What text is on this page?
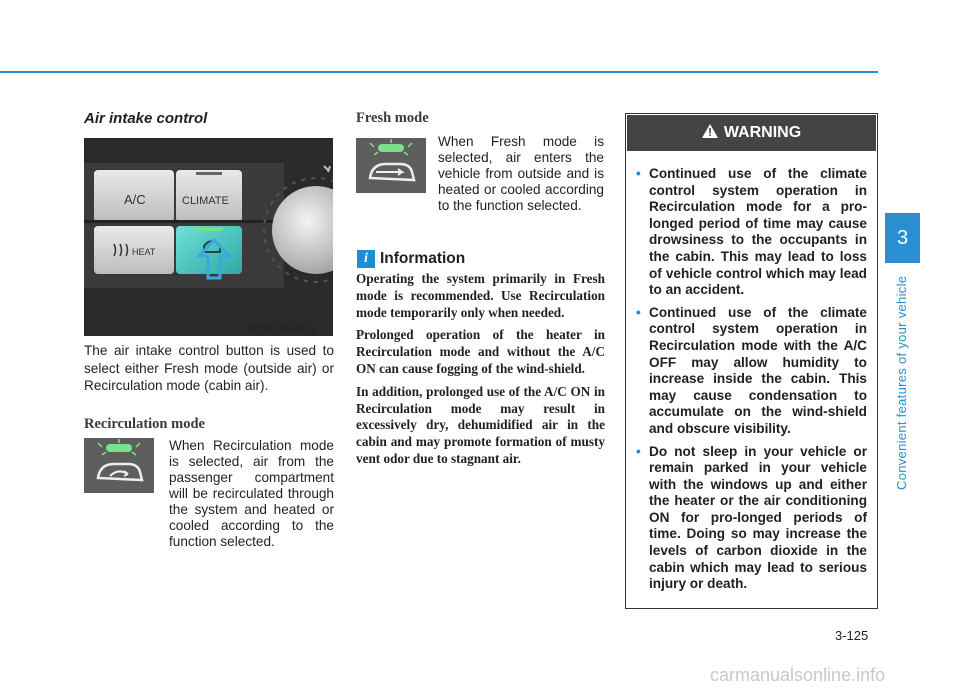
Air intake control
A/C	CLIMATE
HEAT
OOSEV048315
The air intake control button is used to select either Fresh mode (outside air) or Recirculation mode (cabin air).
Recirculation mode
When Recirculation mode is selected, air from the passenger compartment will be recirculated through the system and heated or cooled according to the function selected.
Fresh mode
When Fresh mode is selected, air enters the vehicle from outside and is heated or cooled according to the function selected.
i Information

Operating the system primarily in Fresh mode is recommended. Use Recirculation mode temporarily only when needed.

Prolonged operation of the heater in Recirculation mode and without the A/C ON can cause fogging of the wind-shield.

In addition, prolonged use of the A/C ON in Recirculation mode may result in excessively dry, dehumidified air in the cabin and may promote formation of musty vent odor due to stagnant air.

WARNING
• Continued use of the climate control system operation in Recirculation mode for a pro-longed period of time may cause drowsiness to the occupants in the cabin. This may lead to loss of vehicle control which may lead to an accident.
• Continued use of the climate control system operation in Recirculation mode with the A/C OFF may allow humidity to increase inside the cabin. This may cause condensation to accumulate on the wind-shield and obscure visibility.
• Do not sleep in your vehicle or remain parked in your vehicle with the windows up and either the heater or the air conditioning ON for pro-longed periods of time. Doing so may increase the levels of carbon dioxide in the cabin which may lead to serious injury or death.
3
Convenient features of your vehicle
3-125
carmanualsonline.info
